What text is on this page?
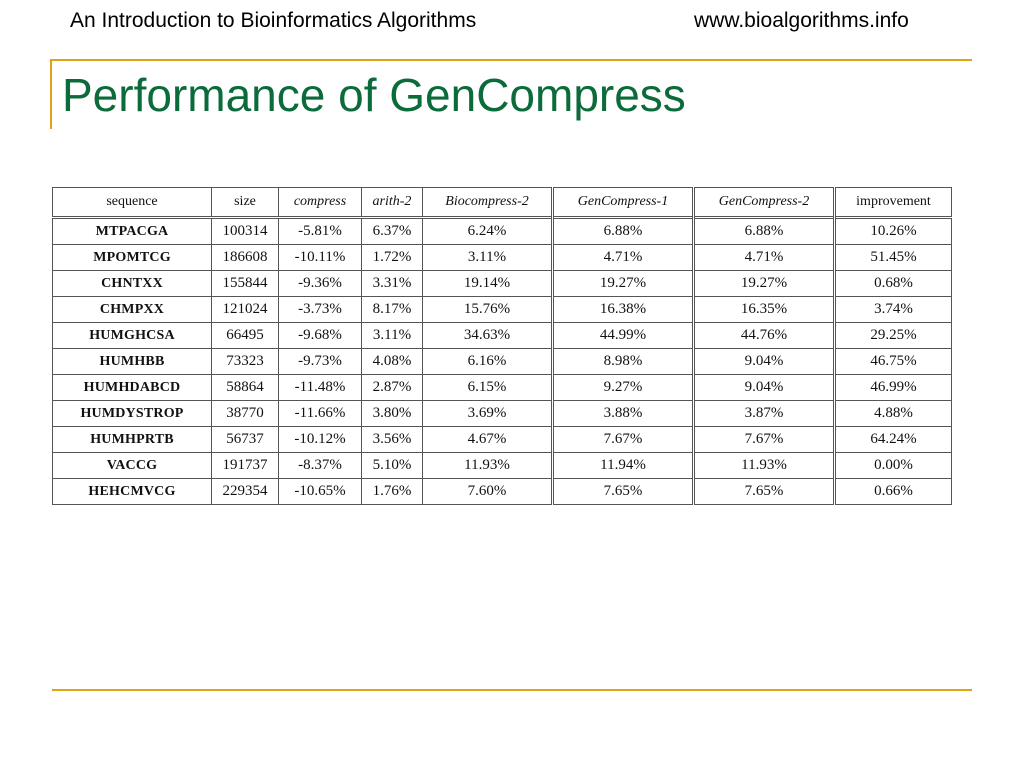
An Introduction to Bioinformatics Algorithms	www.bioalgorithms.info
Performance of GenCompress
sequence	size	compress	arith-2	Biocompress-2	GenCompress-1	GenCompress-2	improvement
MTPACGA	100314	-5.81%	6.37%	6.24%	6.88%	6.88%	10.26%
MPOMTCG	186608	-10.11%	1.72%	3.11%	4.71%	4.71%	51.45%
CHNTXX	155844	-9.36%	3.31%	19.14%	19.27%	19.27%	0.68%
CHMPXX	121024	-3.73%	8.17%	15.76%	16.38%	16.35%	3.74%
HUMGHCSA	66495	-9.68%	3.11%	34.63%	44.99%	44.76%	29.25%
HUMHBB	73323	-9.73%	4.08%	6.16%	8.98%	9.04%	46.75%
HUMHDABCD	58864	-11.48%	2.87%	6.15%	9.27%	9.04%	46.99%
HUMDYSTROP	38770	-11.66%	3.80%	3.69%	3.88%	3.87%	4.88%
HUMHPRTB	56737	-10.12%	3.56%	4.67%	7.67%	7.67%	64.24%
VACCG	191737	-8.37%	5.10%	11.93%	11.94%	11.93%	0.00%
HEHCMVCG	229354	-10.65%	1.76%	7.60%	7.65%	7.65%	0.66%
